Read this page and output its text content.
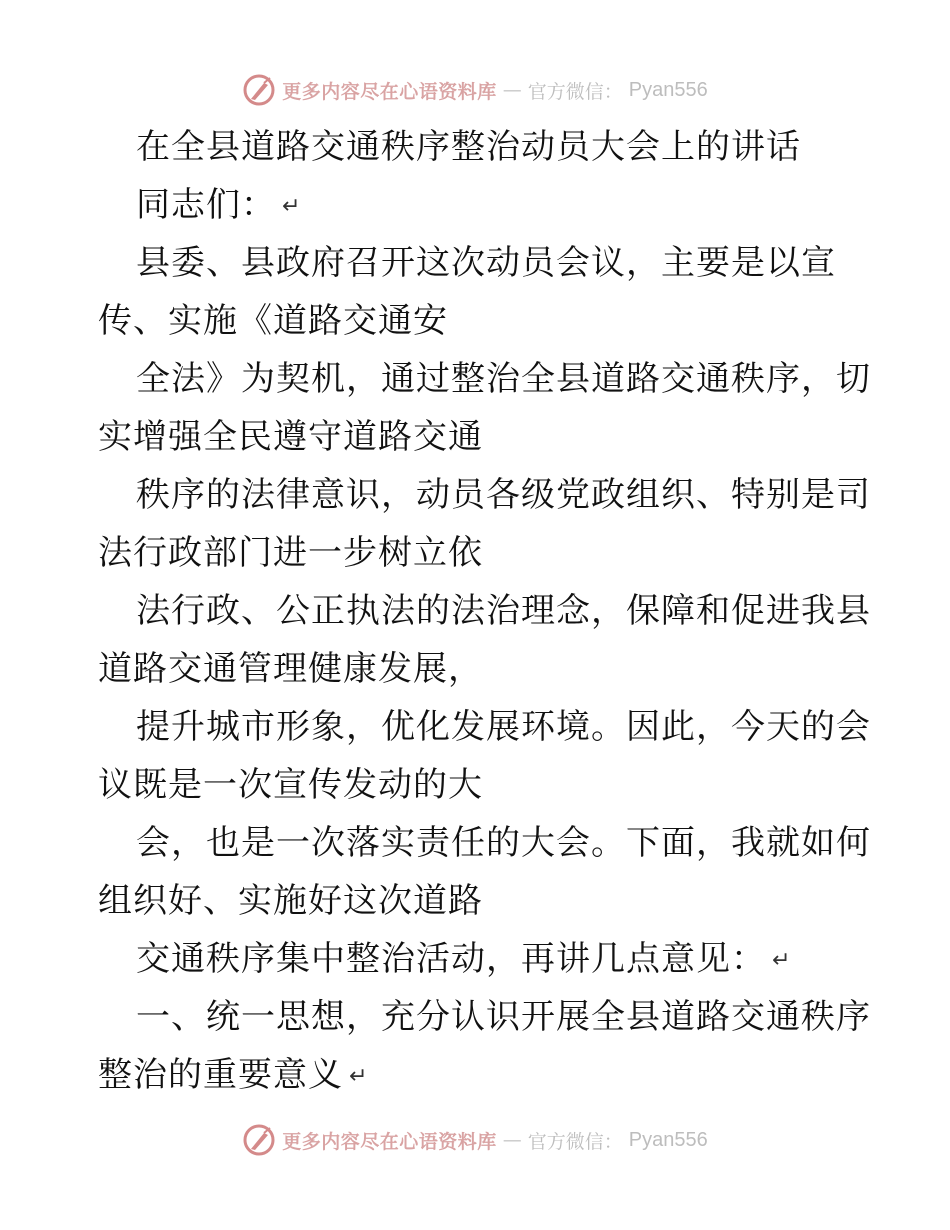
更多内容尽在心语资料库 — 官方微信： Pyan556
在全县道路交通秩序整治动员大会上的讲话
同志们： ↵
县委、县政府召开这次动员会议，主要是以宣
传、实施《道路交通安
全法》为契机，通过整治全县道路交通秩序，切
实增强全民遵守道路交通
秩序的法律意识，动员各级党政组织、特别是司
法行政部门进一步树立依
法行政、公正执法的法治理念，保障和促进我县
道路交通管理健康发展，
提升城市形象，优化发展环境。因此，今天的会
议既是一次宣传发动的大
会，也是一次落实责任的大会。下面，我就如何
组织好、实施好这次道路
交通秩序集中整治活动，再讲几点意见： ↵
一、统一思想，充分认识开展全县道路交通秩序
整治的重要意义 ↵
更多内容尽在心语资料库 — 官方微信： Pyan556
